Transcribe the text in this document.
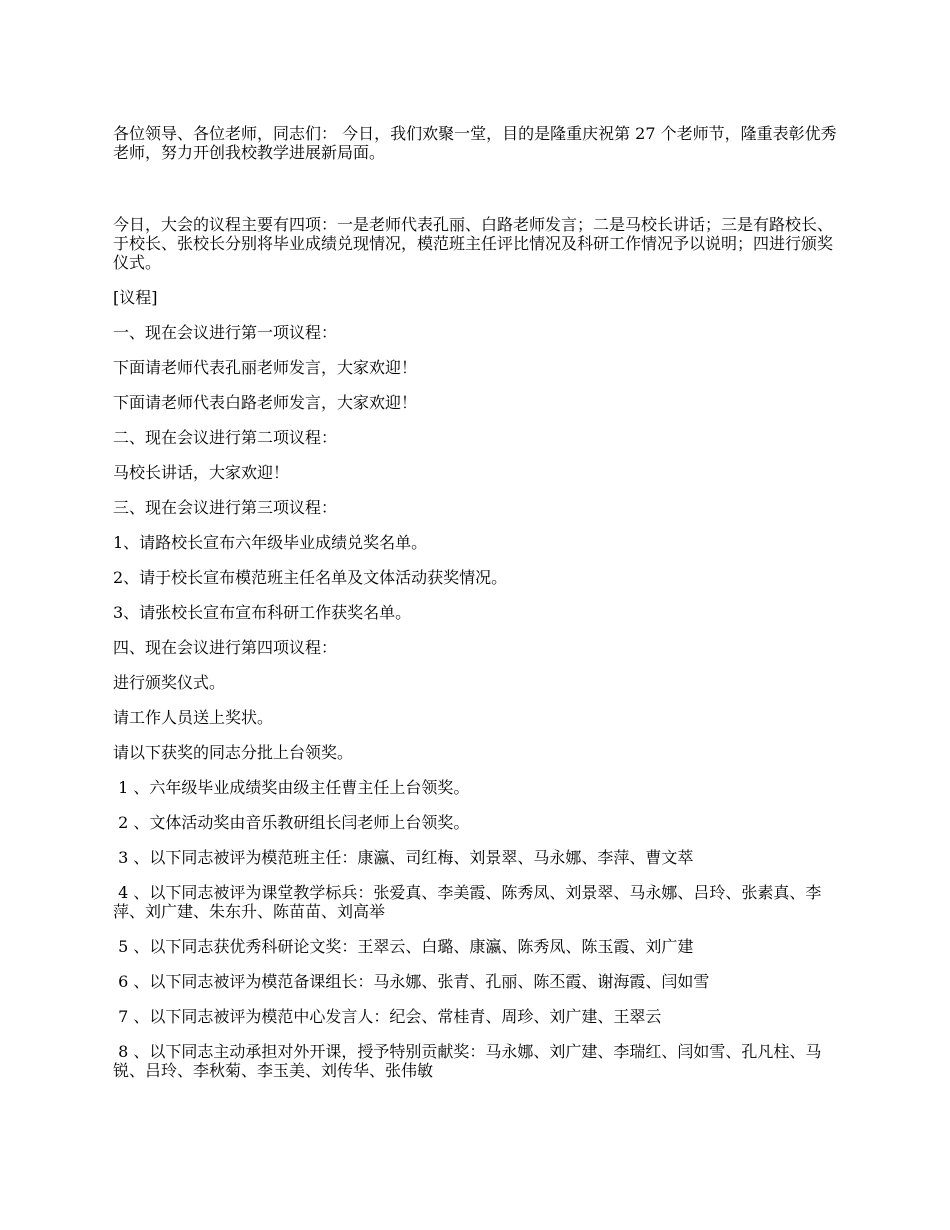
各位领导、各位老师，同志们： 今日，我们欢聚一堂，目的是隆重庆祝第 27 个老师节，隆重表彰优秀老师，努力开创我校教学进展新局面。

今日，大会的议程主要有四项：一是老师代表孔丽、白路老师发言；二是马校长讲话；三是有路校长、于校长、张校长分别将毕业成绩兑现情况，模范班主任评比情况及科研工作情况予以说明；四进行颁奖仪式。

[议程]

一、现在会议进行第一项议程：

下面请老师代表孔丽老师发言，大家欢迎！

下面请老师代表白路老师发言，大家欢迎！

二、现在会议进行第二项议程：

马校长讲话，大家欢迎！

三、现在会议进行第三项议程：

1、请路校长宣布六年级毕业成绩兑奖名单。

2、请于校长宣布模范班主任名单及文体活动获奖情况。

3、请张校长宣布宣布科研工作获奖名单。

四、现在会议进行第四项议程：

进行颁奖仪式。

请工作人员送上奖状。

请以下获奖的同志分批上台领奖。

1 、六年级毕业成绩奖由级主任曹主任上台领奖。

2 、文体活动奖由音乐教研组长闫老师上台领奖。

3 、以下同志被评为模范班主任：康瀛、司红梅、刘景翠、马永娜、李萍、曹文萃

4 、以下同志被评为课堂教学标兵：张爱真、李美霞、陈秀凤、刘景翠、马永娜、吕玲、张素真、李萍、刘广建、朱东升、陈苗苗、刘高举

5 、以下同志获优秀科研论文奖：王翠云、白璐、康瀛、陈秀凤、陈玉霞、刘广建

6 、以下同志被评为模范备课组长：马永娜、张青、孔丽、陈丕霞、谢海霞、闫如雪

7 、以下同志被评为模范中心发言人：纪会、常桂青、周珍、刘广建、王翠云

8 、以下同志主动承担对外开课，授予特别贡献奖：马永娜、刘广建、李瑞红、闫如雪、孔凡柱、马锐、吕玲、李秋菊、李玉美、刘传华、张伟敏
